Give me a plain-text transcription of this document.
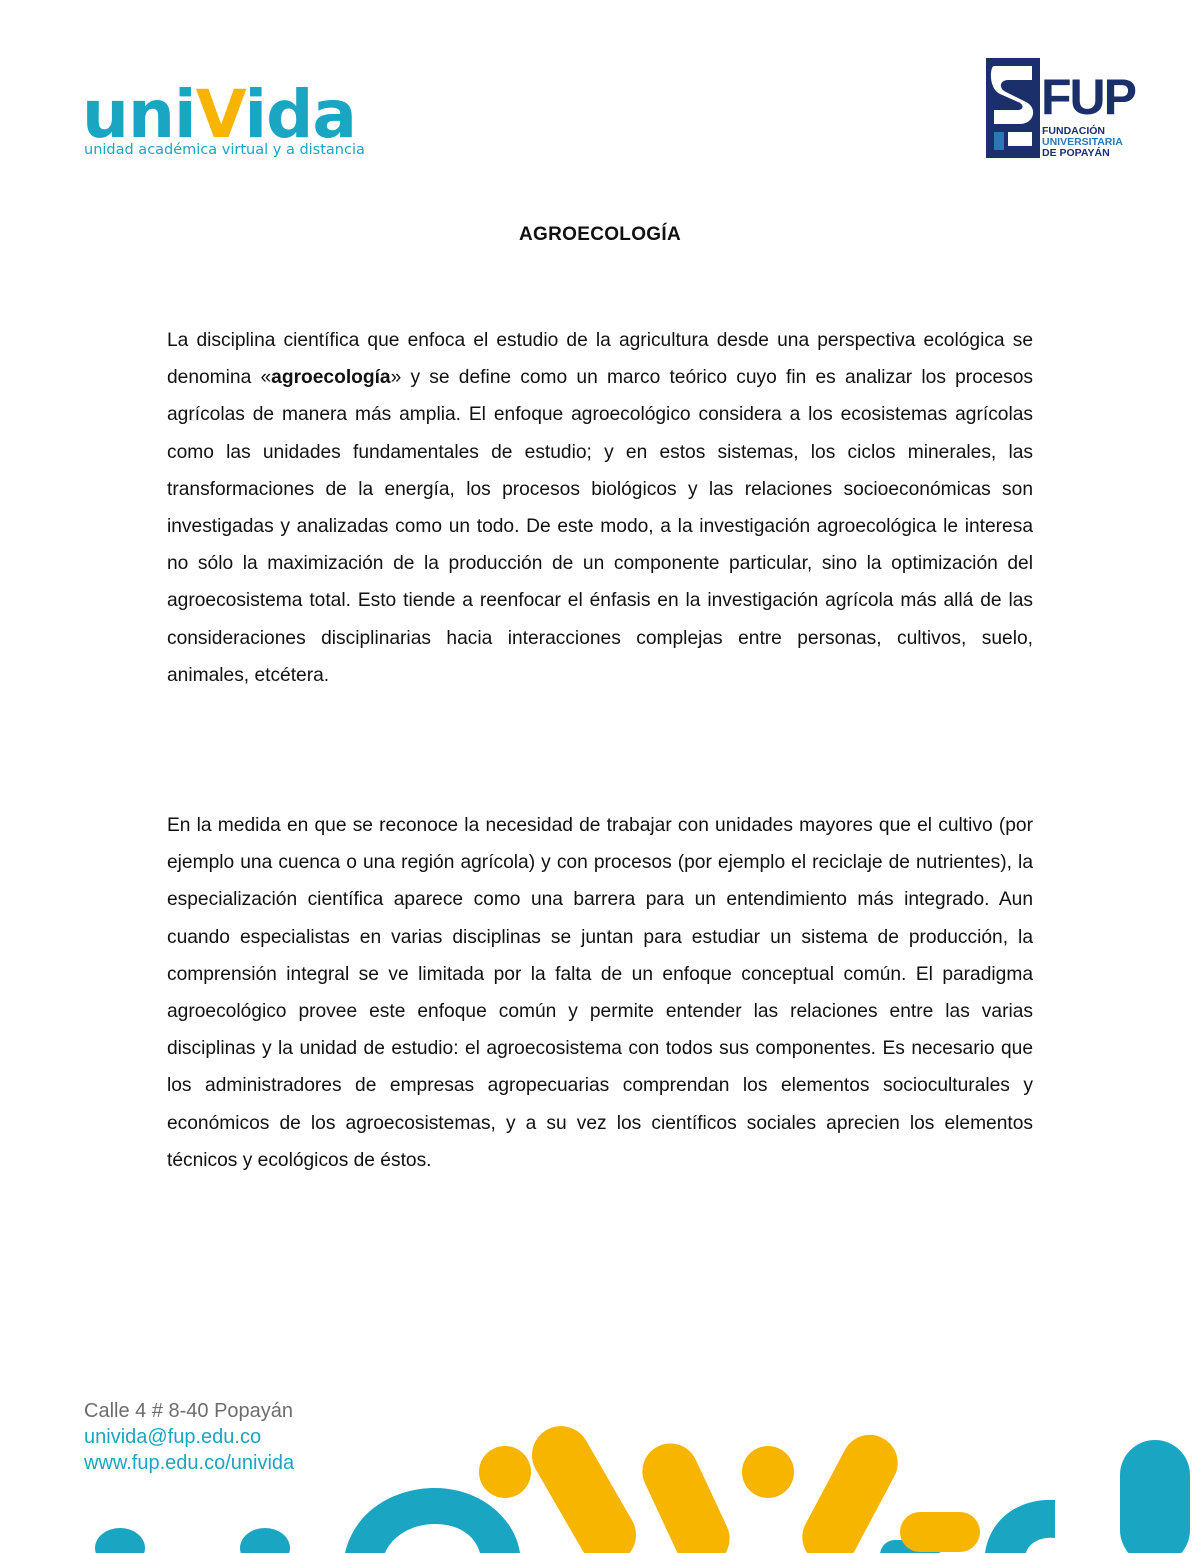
uniVida
unidad académica virtual y a distancia
FUP
FUNDACIÓN
UNIVERSITARIA
DE POPAYÁN
AGROECOLOGÍA

La disciplina científica que enfoca el estudio de la agricultura desde una perspectiva ecológica se denomina «agroecología» y se define como un marco teórico cuyo fin es analizar los procesos agrícolas de manera más amplia. El enfoque agroecológico considera a los ecosistemas agrícolas como las unidades fundamentales de estudio; y en estos sistemas, los ciclos minerales, las transformaciones de la energía, los procesos biológicos y las relaciones socioeconómicas son investigadas y analizadas como un todo. De este modo, a la investigación agroecológica le interesa no sólo la maximización de la producción de un componente particular, sino la optimización del agroecosistema total. Esto tiende a reenfocar el énfasis en la investigación agrícola más allá de las consideraciones disciplinarias hacia interacciones complejas entre personas, cultivos, suelo, animales, etcétera.

En la medida en que se reconoce la necesidad de trabajar con unidades mayores que el cultivo (por ejemplo una cuenca o una región agrícola) y con procesos (por ejemplo el reciclaje de nutrientes), la especialización científica aparece como una barrera para un entendimiento más integrado. Aun cuando especialistas en varias disciplinas se juntan para estudiar un sistema de producción, la comprensión integral se ve limitada por la falta de un enfoque conceptual común. El paradigma agroecológico provee este enfoque común y permite entender las relaciones entre las varias disciplinas y la unidad de estudio: el agroecosistema con todos sus componentes. Es necesario que los administradores de empresas agropecuarias comprendan los elementos socioculturales y económicos de los agroecosistemas, y a su vez los científicos sociales aprecien los elementos técnicos y ecológicos de éstos.

Calle 4 # 8-40 Popayán
univida@fup.edu.co
www.fup.edu.co/univida
